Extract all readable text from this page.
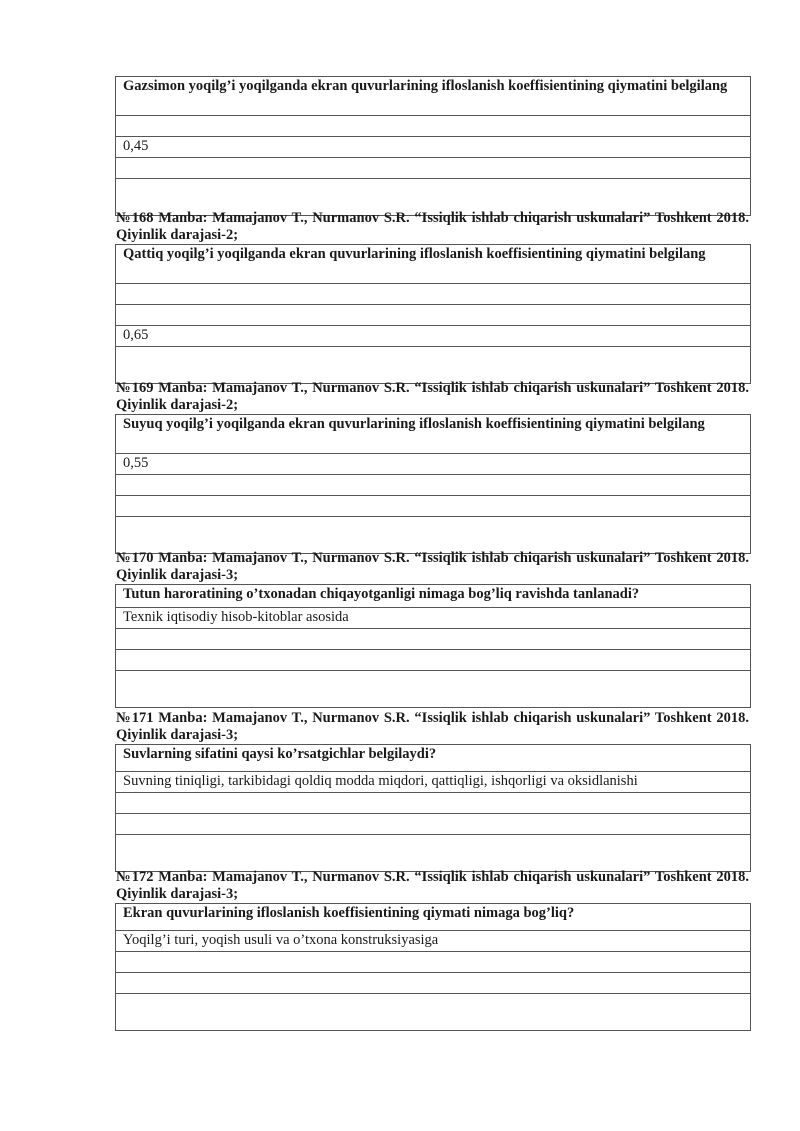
Gazsimon yoqilg’i yoqilganda ekran quvurlarining ifloslanish koeffisientining qiymatini belgilang

0,45

№168 Manba: Mamajanov T., Nurmanov S.R. “Issiqlik ishlab chiqarish uskunalari” Toshkent 2018. Qiyinlik darajasi-2;

Qattiq yoqilg’i yoqilganda ekran quvurlarining ifloslanish koeffisientining qiymatini belgilang

0,65

№169 Manba: Mamajanov T., Nurmanov S.R. “Issiqlik ishlab chiqarish uskunalari” Toshkent 2018. Qiyinlik darajasi-2;

Suyuq yoqilg’i yoqilganda ekran quvurlarining ifloslanish koeffisientining qiymatini belgilang
0,55

№170 Manba: Mamajanov T., Nurmanov S.R. “Issiqlik ishlab chiqarish uskunalari” Toshkent 2018. Qiyinlik darajasi-3;

Tutun haroratining o’txonadan chiqayotganligi nimaga bog’liq ravishda tanlanadi?
Texnik iqtisodiy hisob-kitoblar asosida

№171 Manba: Mamajanov T., Nurmanov S.R. “Issiqlik ishlab chiqarish uskunalari” Toshkent 2018. Qiyinlik darajasi-3;

Suvlarning sifatini qaysi ko’rsatgichlar belgilaydi?
Suvning tiniqligi, tarkibidagi qoldiq modda miqdori, qattiqligi, ishqorligi va oksidlanishi

№172 Manba: Mamajanov T., Nurmanov S.R. “Issiqlik ishlab chiqarish uskunalari” Toshkent 2018. Qiyinlik darajasi-3;

Ekran quvurlarining ifloslanish koeffisientining qiymati nimaga bog’liq?
Yoqilg’i turi, yoqish usuli va o’txona konstruksiyasiga
